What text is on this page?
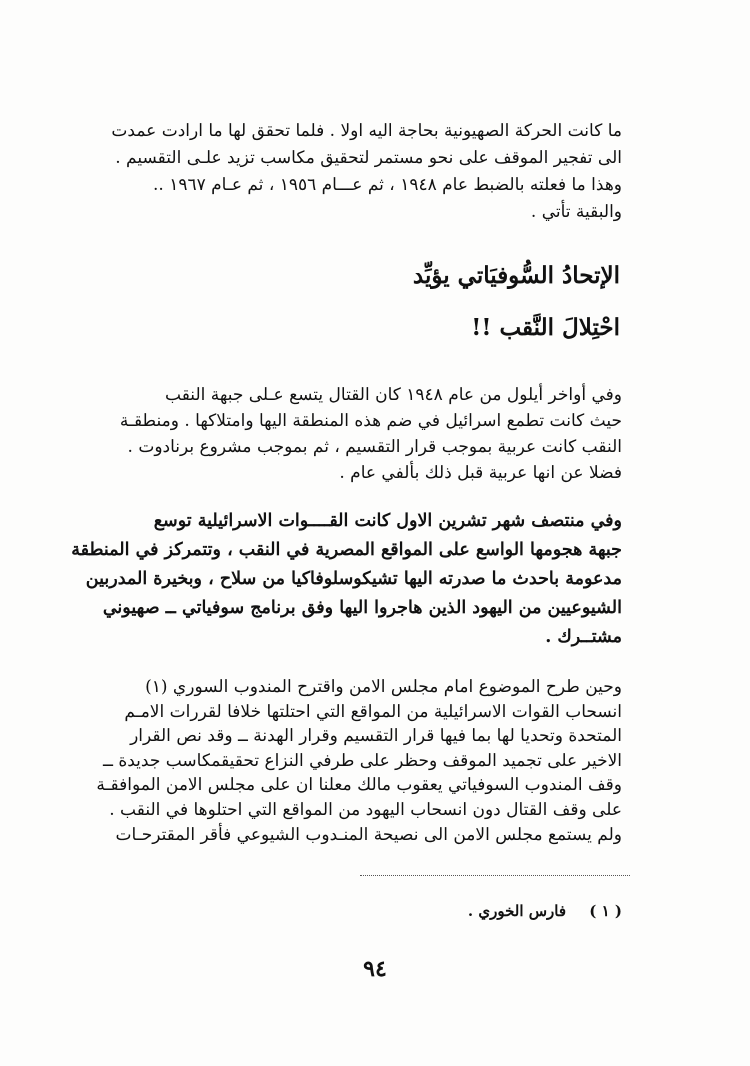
ما كانت الحركة الصهيونية بحاجة اليه اولا . فلما تحقق لها ما ارادت عمدت
الى تفجير الموقف على نحو مستمر لتحقيق مكاسب تزيد علـى التقسيم .
وهذا ما فعلته بالضبط عام ١٩٤٨ ، ثم عـــام ١٩٥٦ ، ثم عـام ١٩٦٧ ..
والبقية تأتي .
الإتحادُ السُّوفيَاتي يؤيِّد
احْتِلالَ النَّقب !!
وفي أواخر أيلول من عام ١٩٤٨ كان القتال يتسع عـلى جبهة النقب
حيث كانت تطمع اسرائيل في ضم هذه المنطقة اليها وامتلاكها . ومنطقـة
النقب كانت عربية بموجب قرار التقسيم ، ثم بموجب مشروع برنادوت .
فضلا عن انها عربية قبل ذلك بألفي عام .
وفي منتصف شهر تشرين الاول كانت القــــوات الاسرائيلية توسع
جبهة هجومها الواسع على المواقع المصرية في النقب ، وتتمركز في المنطقة
مدعومة باحدث ما صدرته اليها تشيكوسلوفاكيا من سلاح ، وبخيرة المدربين
الشيوعيين من اليهود الذين هاجروا اليها وفق برنامج سوفياتي ــ صهيوني
مشتــرك .
وحين طرح الموضوع امام مجلس الامن واقترح المندوب السوري (١)
انسحاب القوات الاسرائيلية من المواقع التي احتلتها خلافا لقررات الامـم
المتحدة وتحديا لها بما فيها قرار التقسيم وقرار الهدنة ــ وقد نص القرار
الاخير على تجميد الموقف وحظر على طرفي النزاع تحقيقمكاسب جديدة ــ
وقف المندوب السوفياتي يعقوب مالك معلنا ان على مجلس الامن الموافقـة
على وقف القتال دون انسحاب اليهود من المواقع التي احتلوها في النقب .
ولم يستمع مجلس الامن الى نصيحة المنـدوب الشيوعي فأقر المقترحـات
( ١ ) فارس الخوري .
٩٤
